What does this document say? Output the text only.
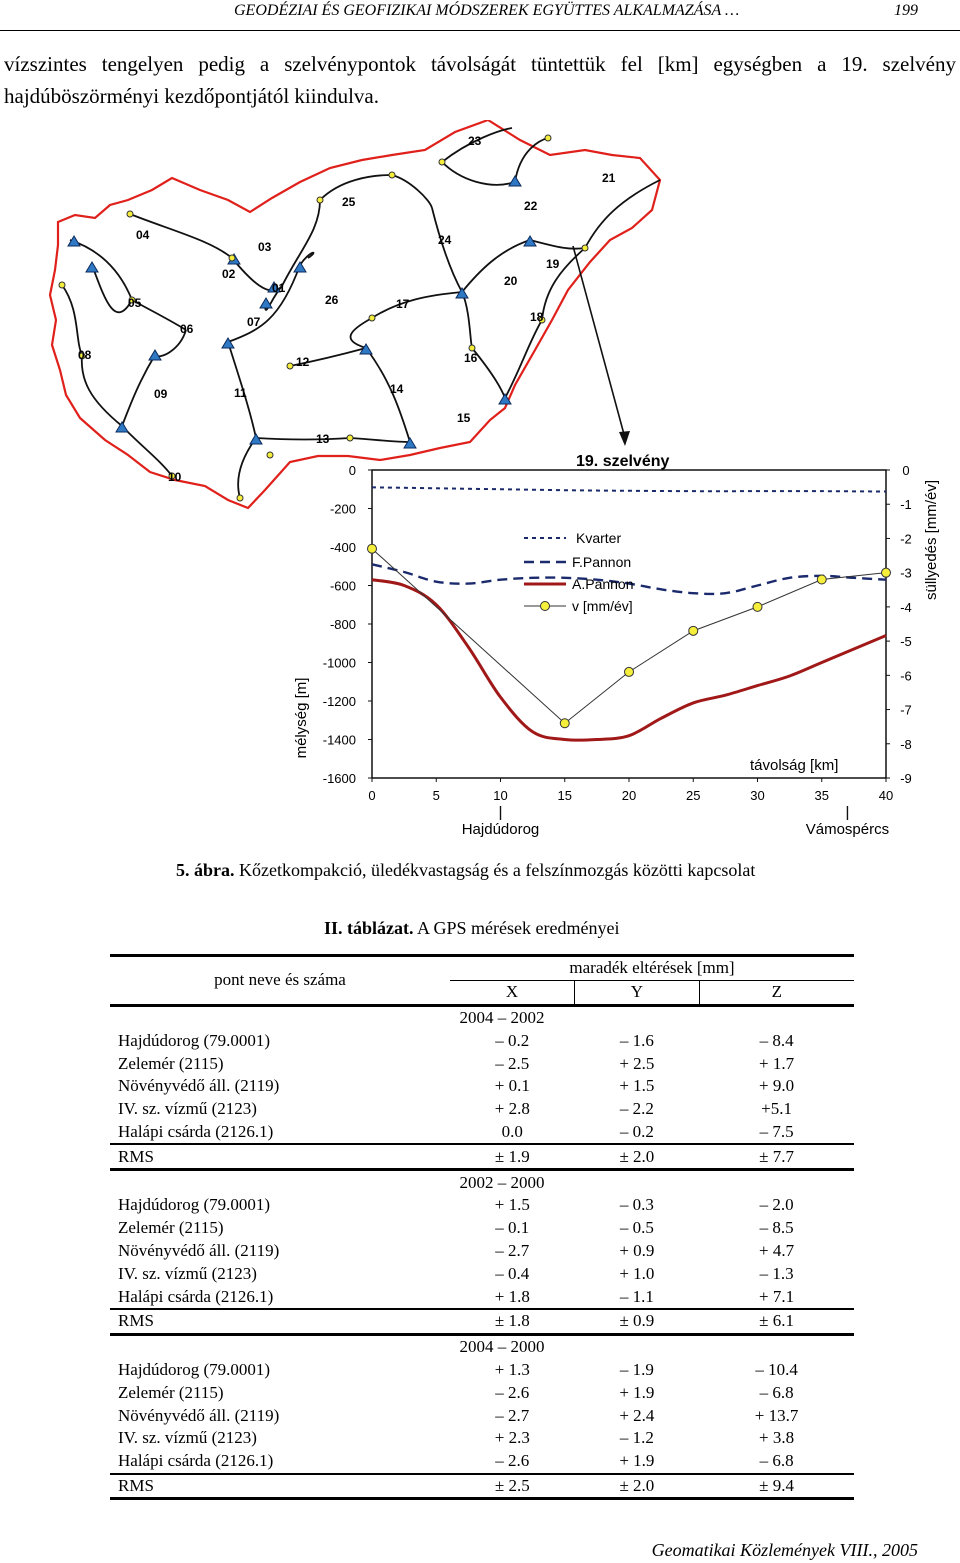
GEODÉZIAI ÉS GEOFIZIKAI MÓDSZEREK EGYÜTTES ALKALMAZÁSA …	199

vízszintes tengelyen pedig a szelvénypontok távolságát tüntettük fel [km] egységben a 19. szelvény hajdúböszörményi kezdőpontjától kiindulva.

23
21
22
25
24
19
04
03
20
02
01
05	26	17
18
07
06
16
08	12
14
09	11
15
13
10
19. szelvény
0
-200
-400
-600
-800
-1000
-1200
-1400
-1600
0
-1
-2
-3
-4
-5
-6
-7
-8
-9
0	5	10	15	20	25	30	35	40
mélység [m]
süllyedés [mm/év]
távolság [km]
Hajdúdorog	Vámospércs
Kvarter
F.Pannon
A.Pannon
v [mm/év]
5. ábra. Kőzetkompakció, üledékvastagság és a felszínmozgás közötti kapcsolat
II. táblázat. A GPS mérések eredményei
pont neve és száma	maradék eltérések [mm]		
	X	Y	Z
2004 – 2002			
Hajdúdorog (79.0001)	– 0.2	– 1.6	– 8.4
Zelemér (2115)	– 2.5	+ 2.5	+ 1.7
Növényvédő áll. (2119)	+ 0.1	+ 1.5	+ 9.0
IV. sz. vízmű (2123)	+ 2.8	– 2.2	+5.1
Halápi csárda (2126.1)	0.0	– 0.2	– 7.5
RMS	± 1.9	± 2.0	± 7.7
2002 – 2000			
Hajdúdorog (79.0001)	+ 1.5	– 0.3	– 2.0
Zelemér (2115)	– 0.1	– 0.5	– 8.5
Növényvédő áll. (2119)	– 2.7	+ 0.9	+ 4.7
IV. sz. vízmű (2123)	– 0.4	+ 1.0	– 1.3
Halápi csárda (2126.1)	+ 1.8	– 1.1	+ 7.1
RMS	± 1.8	± 0.9	± 6.1
2004 – 2000			
Hajdúdorog (79.0001)	+ 1.3	– 1.9	– 10.4
Zelemér (2115)	– 2.6	+ 1.9	– 6.8
Növényvédő áll. (2119)	– 2.7	+ 2.4	+ 13.7
IV. sz. vízmű (2123)	+ 2.3	– 1.2	+ 3.8
Halápi csárda (2126.1)	– 2.6	+ 1.9	– 6.8
RMS	± 2.5	± 2.0	± 9.4
Geomatikai Közlemények VIII., 2005
